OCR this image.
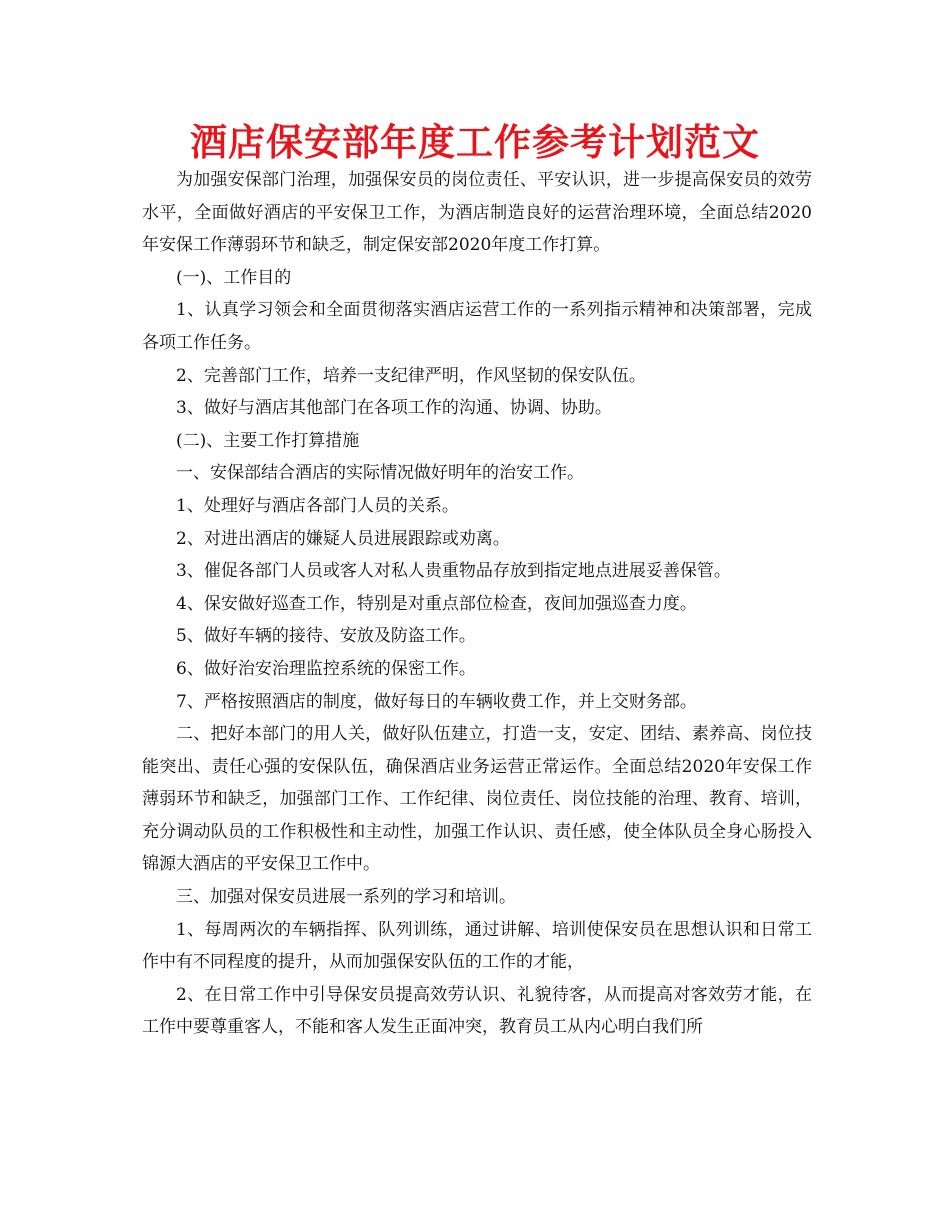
酒店保安部年度工作参考计划范文

为加强安保部门治理，加强保安员的岗位责任、平安认识，进一步提高保安员的效劳水平，全面做好酒店的平安保卫工作，为酒店制造良好的运营治理环境，全面总结2020年安保工作薄弱环节和缺乏，制定保安部2020年度工作打算。

(一)、工作目的

1、认真学习领会和全面贯彻落实酒店运营工作的一系列指示精神和决策部署，完成各项工作任务。

2、完善部门工作，培养一支纪律严明，作风坚韧的保安队伍。

3、做好与酒店其他部门在各项工作的沟通、协调、协助。

(二)、主要工作打算措施

一、安保部结合酒店的实际情况做好明年的治安工作。

1、处理好与酒店各部门人员的关系。

2、对进出酒店的嫌疑人员进展跟踪或劝离。

3、催促各部门人员或客人对私人贵重物品存放到指定地点进展妥善保管。

4、保安做好巡查工作，特别是对重点部位检查，夜间加强巡查力度。

5、做好车辆的接待、安放及防盗工作。

6、做好治安治理监控系统的保密工作。

7、严格按照酒店的制度，做好每日的车辆收费工作，并上交财务部。

二、把好本部门的用人关，做好队伍建立，打造一支，安定、团结、素养高、岗位技能突出、责任心强的安保队伍，确保酒店业务运营正常运作。全面总结2020年安保工作薄弱环节和缺乏，加强部门工作、工作纪律、岗位责任、岗位技能的治理、教育、培训，充分调动队员的工作积极性和主动性，加强工作认识、责任感，使全体队员全身心肠投入锦源大酒店的平安保卫工作中。

三、加强对保安员进展一系列的学习和培训。

1、每周两次的车辆指挥、队列训练，通过讲解、培训使保安员在思想认识和日常工作中有不同程度的提升，从而加强保安队伍的工作的才能，

2、在日常工作中引导保安员提高效劳认识、礼貌待客，从而提高对客效劳才能，在工作中要尊重客人，不能和客人发生正面冲突，教育员工从内心明白我们所
